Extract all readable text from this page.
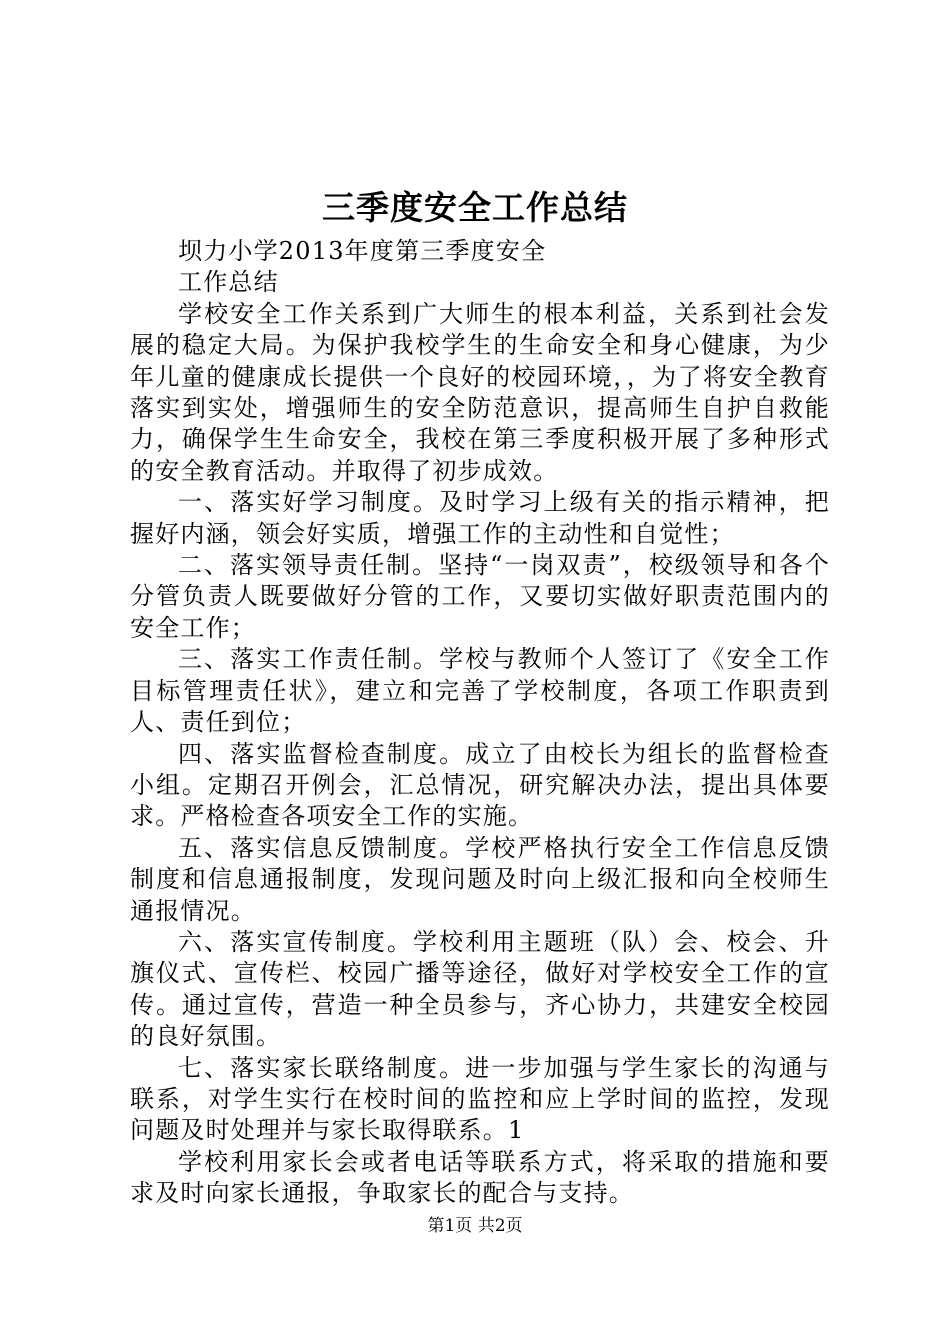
三季度安全工作总结

坝力小学2013年度第三季度安全

工作总结

学校安全工作关系到广大师生的根本利益，关系到社会发展的稳定大局。为保护我校学生的生命安全和身心健康，为少年儿童的健康成长提供一个良好的校园环境，，为了将安全教育落实到实处，增强师生的安全防范意识，提高师生自护自救能力，确保学生生命安全，我校在第三季度积极开展了多种形式的安全教育活动。并取得了初步成效。

一、落实好学习制度。及时学习上级有关的指示精神，把握好内涵，领会好实质，增强工作的主动性和自觉性；

二、落实领导责任制。坚持“一岗双责”，校级领导和各个分管负责人既要做好分管的工作，又要切实做好职责范围内的安全工作；

三、落实工作责任制。学校与教师个人签订了《安全工作目标管理责任状》，建立和完善了学校制度，各项工作职责到人、责任到位；

四、落实监督检查制度。成立了由校长为组长的监督检查小组。定期召开例会，汇总情况，研究解决办法，提出具体要求。严格检查各项安全工作的实施。

五、落实信息反馈制度。学校严格执行安全工作信息反馈制度和信息通报制度，发现问题及时向上级汇报和向全校师生通报情况。

六、落实宣传制度。学校利用主题班（队）会、校会、升旗仪式、宣传栏、校园广播等途径，做好对学校安全工作的宣传。通过宣传，营造一种全员参与，齐心协力，共建安全校园的良好氛围。

七、落实家长联络制度。进一步加强与学生家长的沟通与联系，对学生实行在校时间的监控和应上学时间的监控，发现问题及时处理并与家长取得联系。1

学校利用家长会或者电话等联系方式，将采取的措施和要求及时向家长通报，争取家长的配合与支持。

第1页 共2页
